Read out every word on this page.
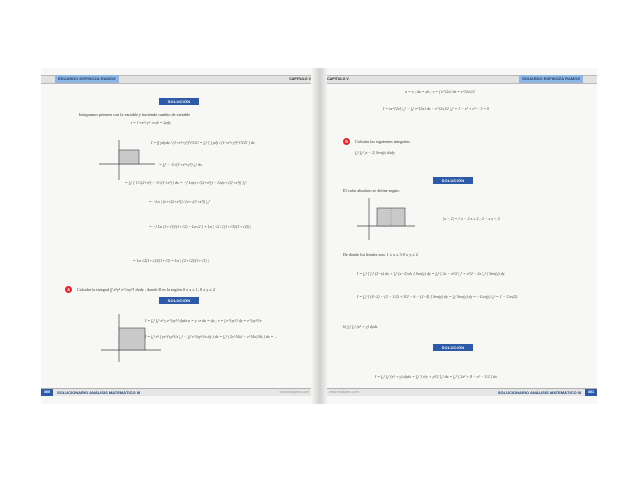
EDUARDO ESPINOZA RAMOS	CAPITULO V
SOLUCIÓN
Integramos primero con la variable y haciendo cambio de variable
t = 1+x²+y² ⇒ dt = 2ydy
I = ∫∫ ydydx / (1+x²+y²)^{3/2} = ∫₀¹ [ ∫ ydy / (1+x²+y²)^{3/2} ] dx
= ∫₀¹ − 1/√(1+x²+y²) |₀¹ dx
= ∫₀¹ ( 1/√(2+x²) − 1/√(1+x²) ) dx = −[ Ln(x+√(2+x²)) − Ln(x+√(1+x²)) ]₀¹
= −Ln | (x+√(2+x²)) / (x+√(1+x²)) |₀¹
= −[ Ln (1+√3)/(1+√2) − Ln√2 ] = Ln | √2 / ((1+√3)/(1+√2)) |
= Ln √2(1+√2)/(1+√3) = Ln | (2+√2)/(1+√3) |
4	Calcular la integral ∫∫ x³y² e^{xy²} dxdy , donde D es la región 0 ≤ x ≤ 1, 0 ≤ y ≤ 2
SOLUCIÓN
I = ∫₀² ∫₀¹ x³ y e^{xy²} dydx u = y ⇒ du = dy ; v = ∫ e^{xy²} dy = e^{xy²}/x
I = ∫₀¹ x³ ( ye^{xy²}/x |₀² − ∫₀² e^{xy²}/x dy ) dx = ∫₀¹ ( 2e^{4x} − e^{4x}/4x ) dx = ...
300	SOLUCIONARIO ANÁLISIS MATEMÁTICO III	www.edukperu.com
CAPITULO V	EDUARDO ESPINOZA RAMOS
u = x ; du = dx ; v = ∫ e^{2x} dx = e^{2x}/2
I = xe^{2x} |₀¹ − ∫₀¹ e^{2x} dx − e^{2x}/2 |₀¹ = 1 − e² + e² − 1 = 0
5	Calcular las siguientes integrales
∫₀³ ∫₀² |x − 2| Sen(y) dxdy
SOLUCIÓN
El valor absoluto se define según:
|x − 2| = { x − 2 x ≥ 2 ; 2 − x x < 2
De donde los límites son: 1 ≤ x ≤ 3 0 ≤ y ≤ 2
I = ∫₀² [ ∫₁² (2−x) dx + ∫₂³ (x−2) dx ] Sen(y) dy = ∫₀² [ 2x − x²/2 |₁² + x²/2 − 2x |₂³ ] Sen(y) dy
I = ∫₀² [ (4−2) − (2 − 1/2) + 9/2 − 6 − (2−4) ] Sen(y) dy = ∫₀² Sen(y) dy = −Cos(y) |₀² = 1 − Cos(2)
b) ∫₀¹ ∫₀¹ (x² + y) dydx
SOLUCIÓN
I = ∫₀¹ ∫₀¹ (x² + y) dydx = ∫₀¹ [ x²y + y²/2 ]₀¹ dx = ∫₀¹ [ 2x² + 8 − x² − 1/2 ] dx
www.edukperu.com	SOLUCIONARIO ANÁLISIS MATEMÁTICO III	301
